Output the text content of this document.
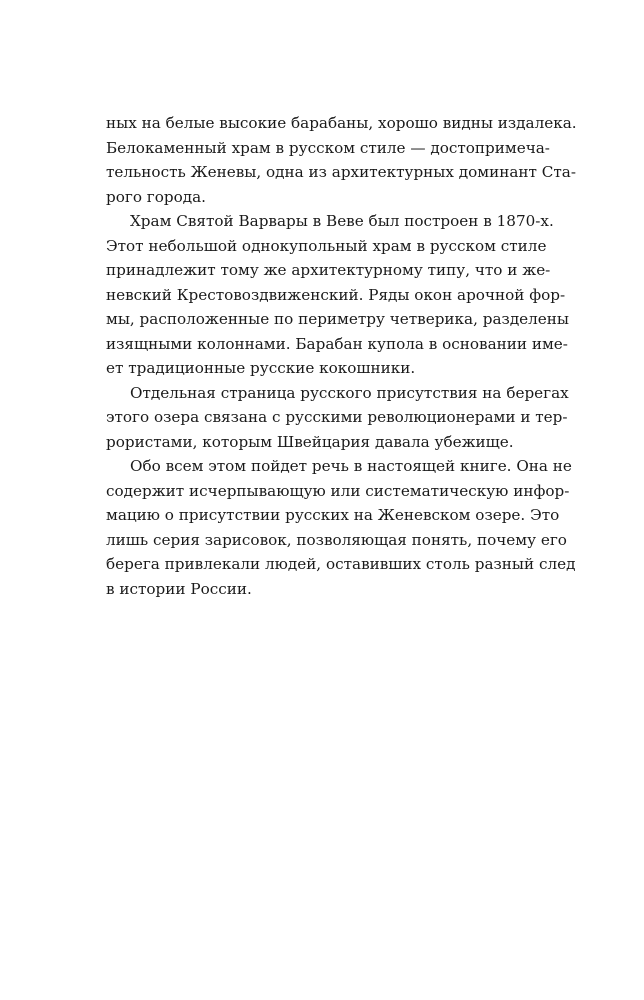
ных на белые высокие барабаны, хорошо видны издалека.
Белокаменный храм в русском стиле — достопримеча-
тельность Женевы, одна из архитектурных доминант Ста-
рого города.
Храм Святой Варвары в Веве был построен в 1870-х.
Этот небольшой однокупольный храм в русском стиле
принадлежит тому же архитектурному типу, что и же-
невский Крестовоздвиженский. Ряды окон арочной фор-
мы, расположенные по периметру четверика, разделены
изящными колоннами. Барабан купола в основании име-
ет традиционные русские кокошники.
Отдельная страница русского присутствия на берегах
этого озера связана с русскими революционерами и тер-
рористами, которым Швейцария давала убежище.
Обо всем этом пойдет речь в настоящей книге. Она не
содержит исчерпывающую или систематическую инфор-
мацию о присутствии русских на Женевском озере. Это
лишь серия зарисовок, позволяющая понять, почему его
берега привлекали людей, оставивших столь разный след
в истории России.
